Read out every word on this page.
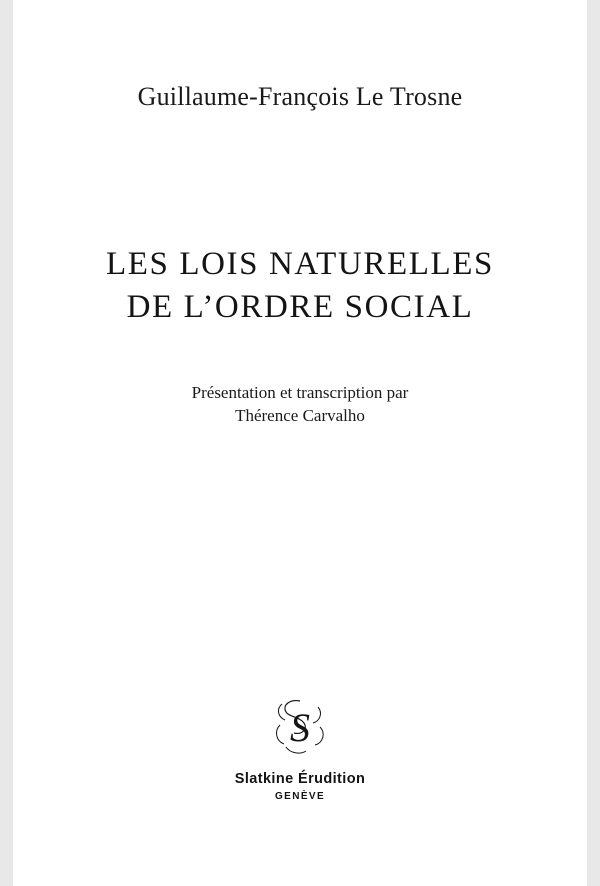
Guillaume-François Le Trosne
LES LOIS NATURELLES
DE L’ORDRE SOCIAL
Présentation et transcription par
Thérence Carvalho
S
Slatkine Érudition
GENÈVE
